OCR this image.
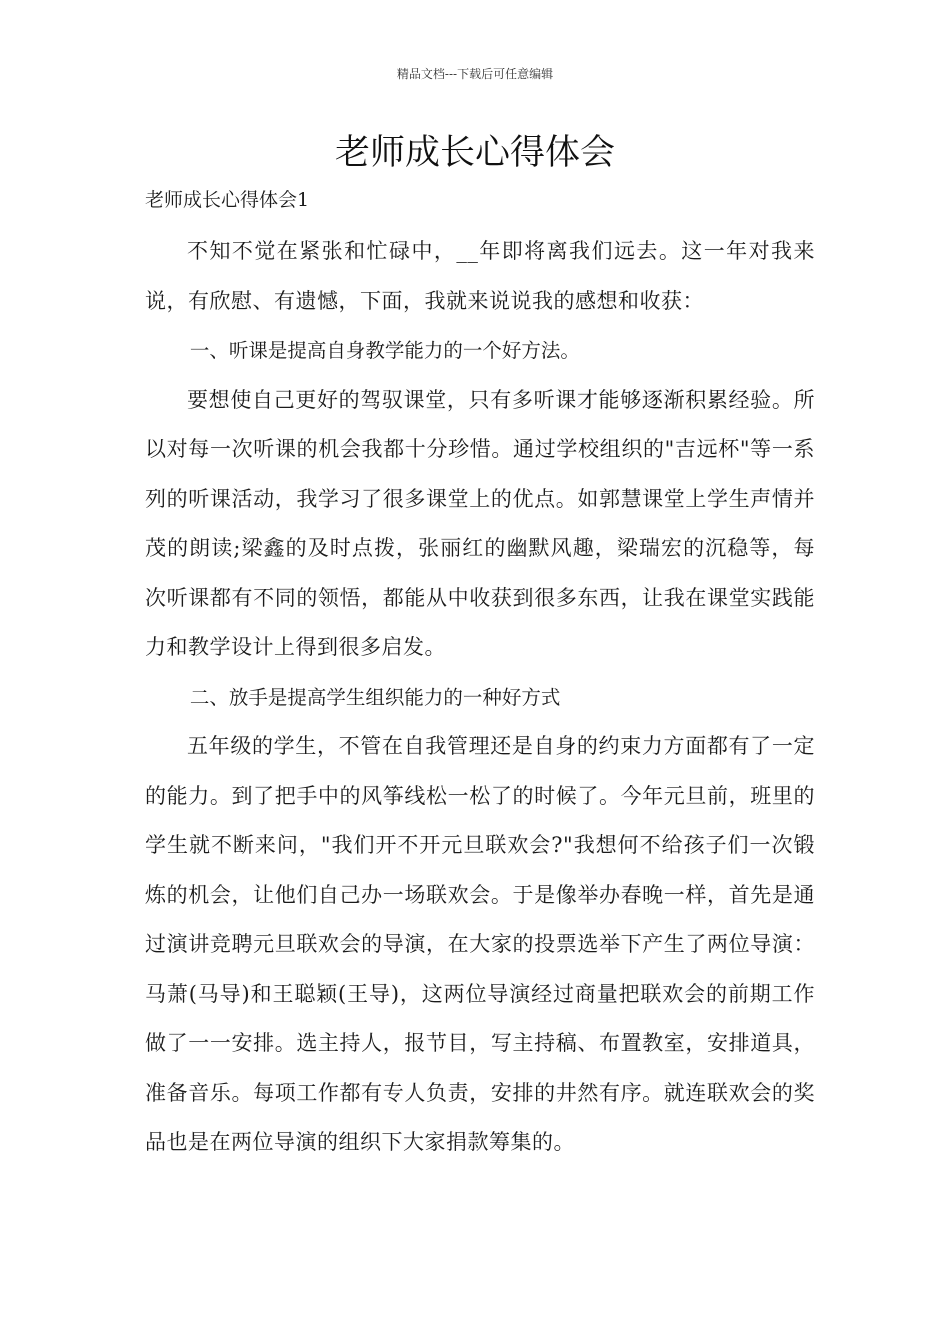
精品文档---下载后可任意编辑
老师成长心得体会

老师成长心得体会1

不知不觉在紧张和忙碌中，__年即将离我们远去。这一年对我来说，有欣慰、有遗憾，下面，我就来说说我的感想和收获：

一、听课是提高自身教学能力的一个好方法。

要想使自己更好的驾驭课堂，只有多听课才能够逐渐积累经验。所以对每一次听课的机会我都十分珍惜。通过学校组织的"吉远杯"等一系列的听课活动，我学习了很多课堂上的优点。如郭慧课堂上学生声情并茂的朗读;梁鑫的及时点拨，张丽红的幽默风趣，梁瑞宏的沉稳等，每次听课都有不同的领悟，都能从中收获到很多东西，让我在课堂实践能力和教学设计上得到很多启发。

二、放手是提高学生组织能力的一种好方式

五年级的学生，不管在自我管理还是自身的约束力方面都有了一定的能力。到了把手中的风筝线松一松了的时候了。今年元旦前，班里的学生就不断来问，"我们开不开元旦联欢会?"我想何不给孩子们一次锻炼的机会，让他们自己办一场联欢会。于是像举办春晚一样，首先是通过演讲竞聘元旦联欢会的导演，在大家的投票选举下产生了两位导演：马萧(马导)和王聪颖(王导)，这两位导演经过商量把联欢会的前期工作做了一一安排。选主持人，报节目，写主持稿、布置教室，安排道具，准备音乐。每项工作都有专人负责，安排的井然有序。就连联欢会的奖品也是在两位导演的组织下大家捐款筹集的。
